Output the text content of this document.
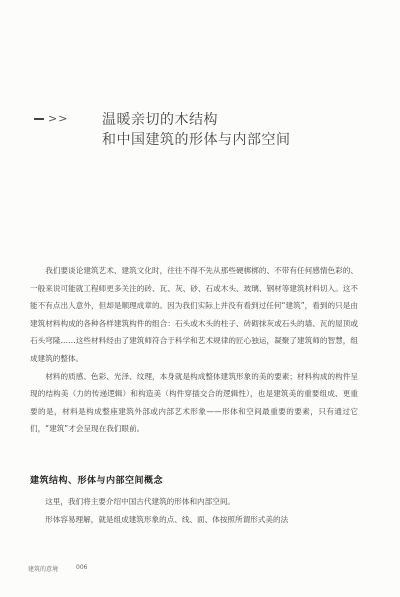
>> 温暖亲切的木结构
和中国建筑的形体与内部空间

我们要谈论建筑艺术、建筑文化时，往往不得不先从那些硬梆梆的、不带有任何感情色彩的、一般来说可能就工程师更多关注的砖、瓦、灰、砂、石或木头、玻璃、钢材等建筑材料切入。这不能不有点出人意外，但却是顺理成章的。因为我们实际上并没有看到过任何“建筑”，看到的只是由建筑材料构成的各种各样建筑构件的组合：石头或木头的柱子、砖砌抹灰或石头的墙、瓦的屋顶或石头穹隆……这些材料经由了建筑师符合于科学和艺术规律的匠心独运，凝聚了建筑师的智慧，组成建筑的整体。

材料的质感、色彩、光泽、纹理，本身就是构成整体建筑形象的美的要素；材料构成的构件呈现的结构美（力的传递逻辑）和构造美（构件穿插交合的逻辑性），也是建筑美的重要组成、更重要的是，材料是构成整座建筑外部或内部艺术形象——形体和空间最重要的要素，只有通过它们，“建筑”才会呈现在我们眼前。

建筑结构、形体与内部空间概念

这里，我们将主要介绍中国古代建筑的形体和内部空间。

形体容易理解，就是组成建筑形象的点、线、面、体按照所谓形式美的法

建筑的意境	006
